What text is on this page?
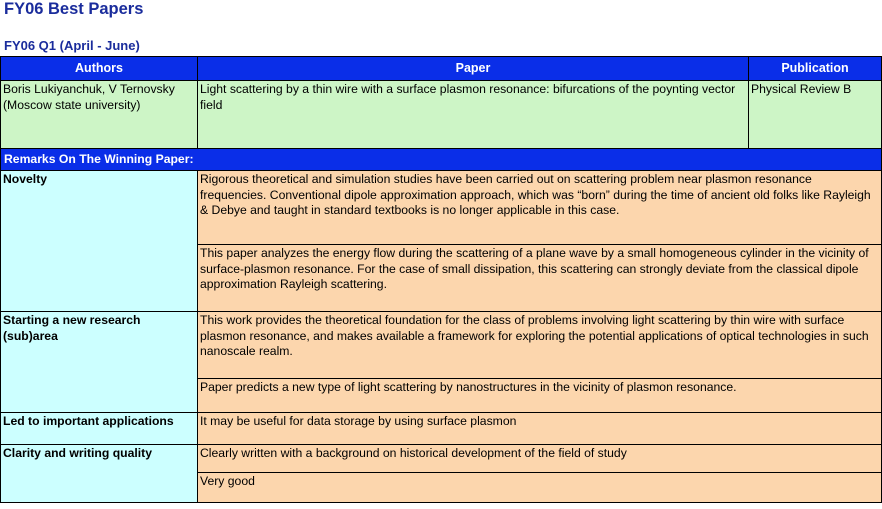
FY06 Best Papers
FY06 Q1 (April - June)
Authors	Paper	Publication
Boris Lukiyanchuk, V Ternovsky (Moscow state university)	Light scattering by a thin wire with a surface plasmon resonance: bifurcations of the poynting vector field	Physical Review B
Remarks On The Winning Paper:		
Novelty	Rigorous theoretical and simulation studies have been carried out on scattering problem near plasmon resonance frequencies. Conventional dipole approximation approach, which was “born” during the time of ancient old folks like Rayleigh & Debye and taught in standard textbooks is no longer applicable in this case.	
	This paper analyzes the energy flow during the scattering of a plane wave by a small homogeneous cylinder in the vicinity of surface-plasmon resonance. For the case of small dissipation, this scattering can strongly deviate from the classical dipole approximation Rayleigh scattering.	
Starting a new research (sub)area	This work provides the theoretical foundation for the class of problems involving light scattering by thin wire with surface plasmon resonance, and makes available a framework for exploring the potential applications of optical technologies in such nanoscale realm.	
	Paper predicts a new type of light scattering by nanostructures in the vicinity of plasmon resonance.	
Led to important applications	It may be useful for data storage by using surface plasmon	
Clarity and writing quality	Clearly written with a background on historical development of the field of study	
	Very good	
